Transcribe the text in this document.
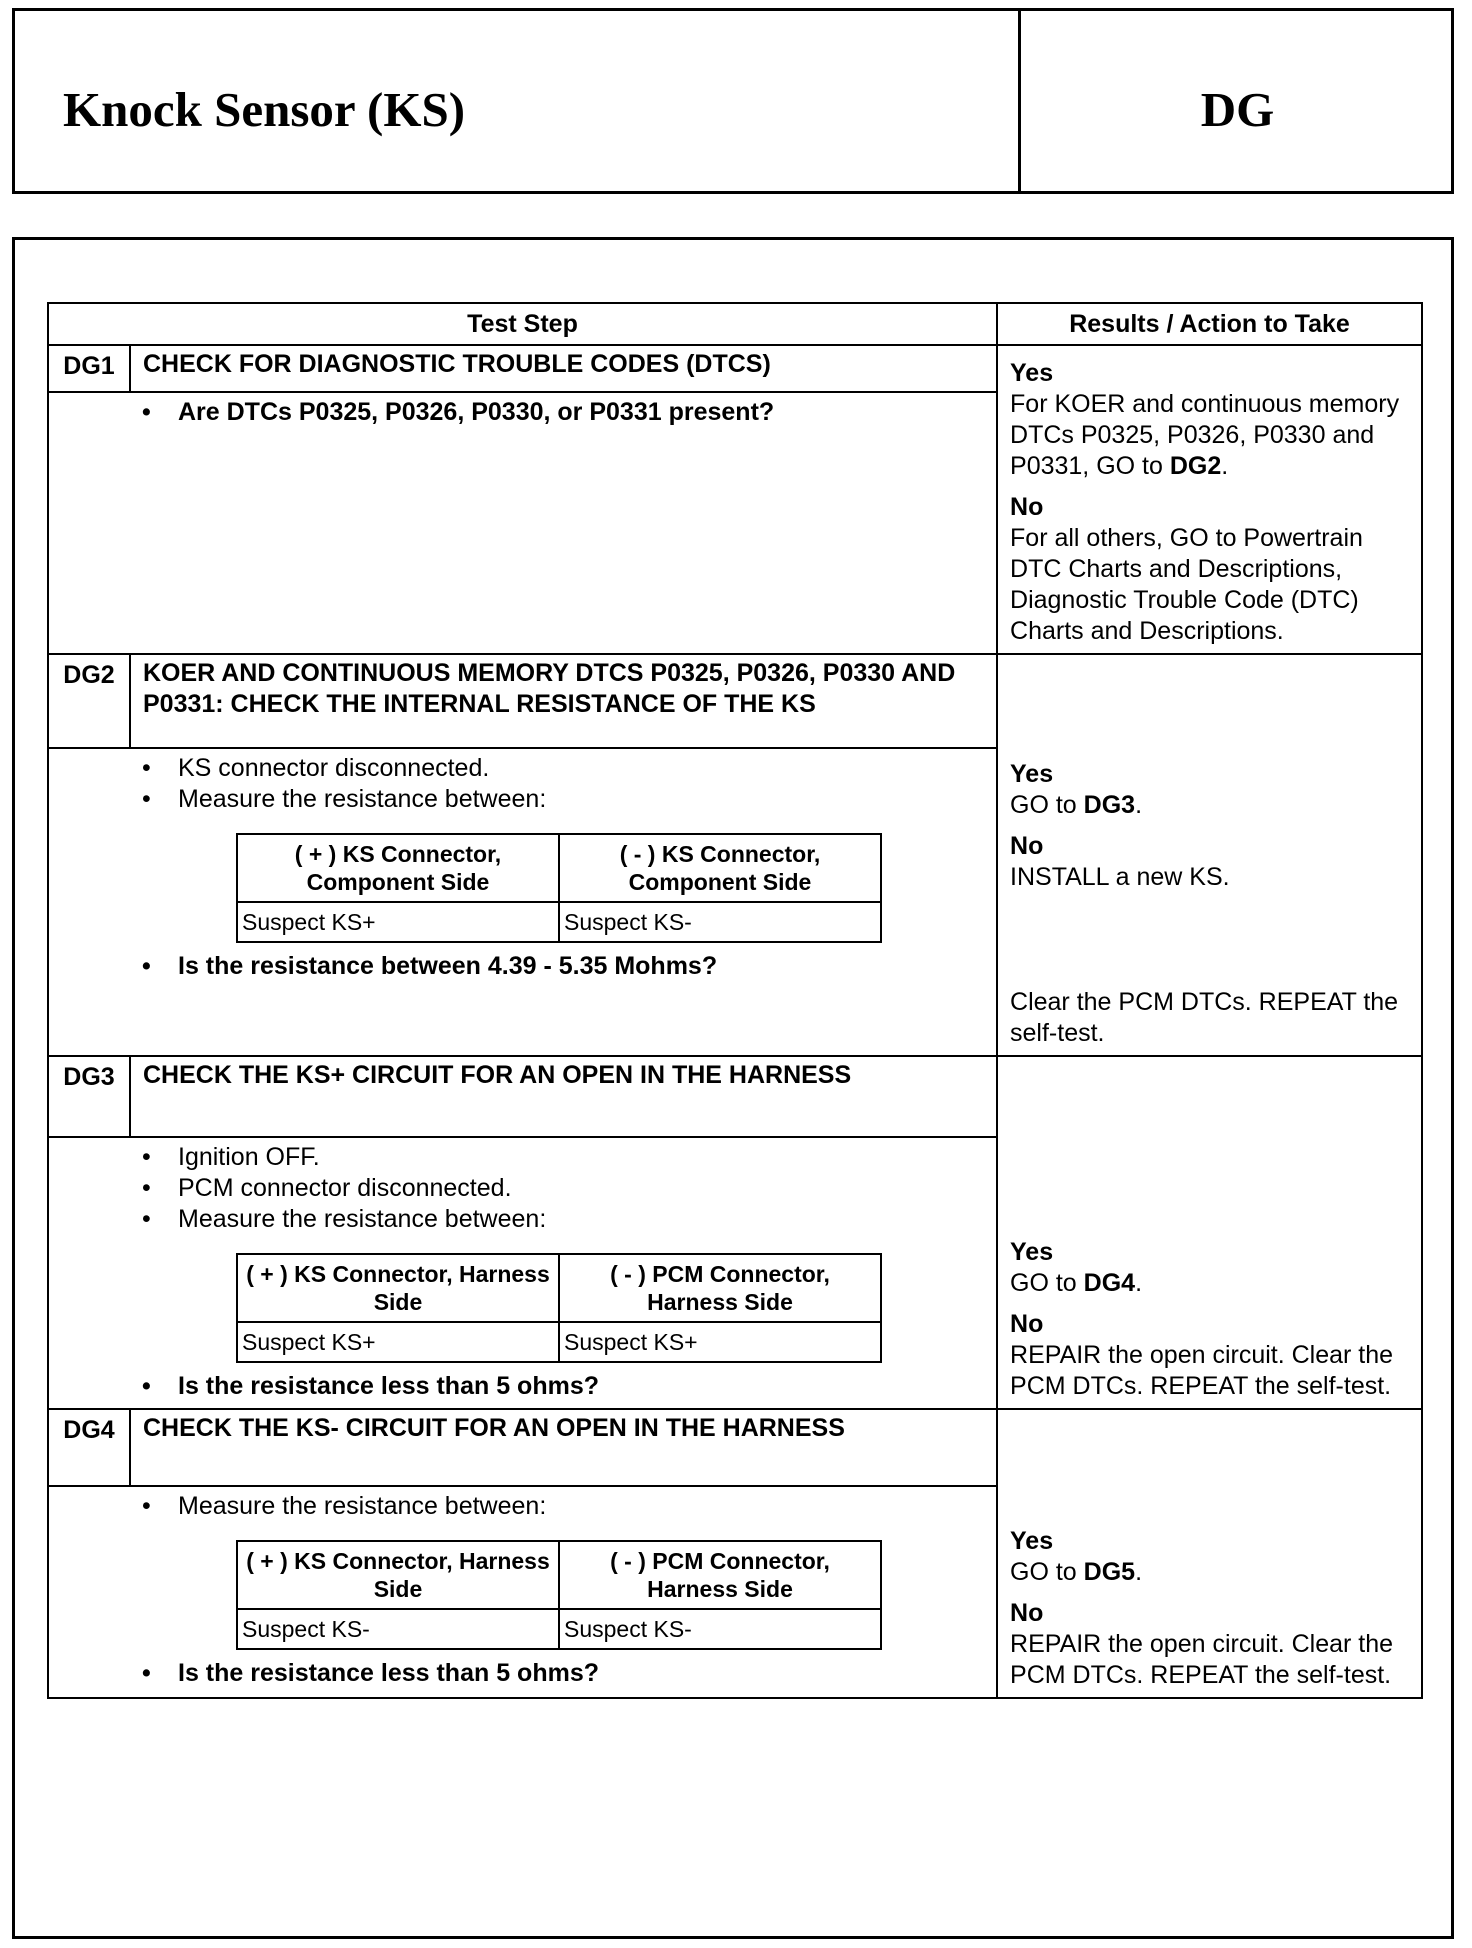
Knock Sensor (KS)	DG
Test Step	Results / Action to Take
DG1	CHECK FOR DIAGNOSTIC TROUBLE CODES (DTCS)	Yes
For KOER and continuous memory DTCs P0325, P0326, P0330 and P0331, GO to DG2.
No
For all others, GO to Powertrain DTC Charts and Descriptions, Diagnostic Trouble Code (DTC) Charts and Descriptions.

• Are DTCs P0325, P0326, P0330, or P0331 present?

DG2	KOER AND CONTINUOUS MEMORY DTCS P0325, P0326, P0330 AND P0331: CHECK THE INTERNAL RESISTANCE OF THE KS	
Yes
GO to DG3.
No
INSTALL a new KS.
Clear the PCM DTCs. REPEAT the self-test.

• KS connector disconnected.
• Measure the resistance between:
( + ) KS Connector, Component Side	( - ) KS Connector, Component Side
Suspect KS+	Suspect KS-
• Is the resistance between 4.39 - 5.35 Mohms?

DG3	CHECK THE KS+ CIRCUIT FOR AN OPEN IN THE HARNESS	
Yes
GO to DG4.
No
REPAIR the open circuit. Clear the PCM DTCs. REPEAT the self-test.

• Ignition OFF.
• PCM connector disconnected.
• Measure the resistance between:
( + ) KS Connector, Harness Side	( - ) PCM Connector, Harness Side
Suspect KS+	Suspect KS+
• Is the resistance less than 5 ohms?

DG4	CHECK THE KS- CIRCUIT FOR AN OPEN IN THE HARNESS	
Yes
GO to DG5.
No
REPAIR the open circuit. Clear the PCM DTCs. REPEAT the self-test.

• Measure the resistance between:
( + ) KS Connector, Harness Side	( - ) PCM Connector, Harness Side
Suspect KS-	Suspect KS-
• Is the resistance less than 5 ohms?
